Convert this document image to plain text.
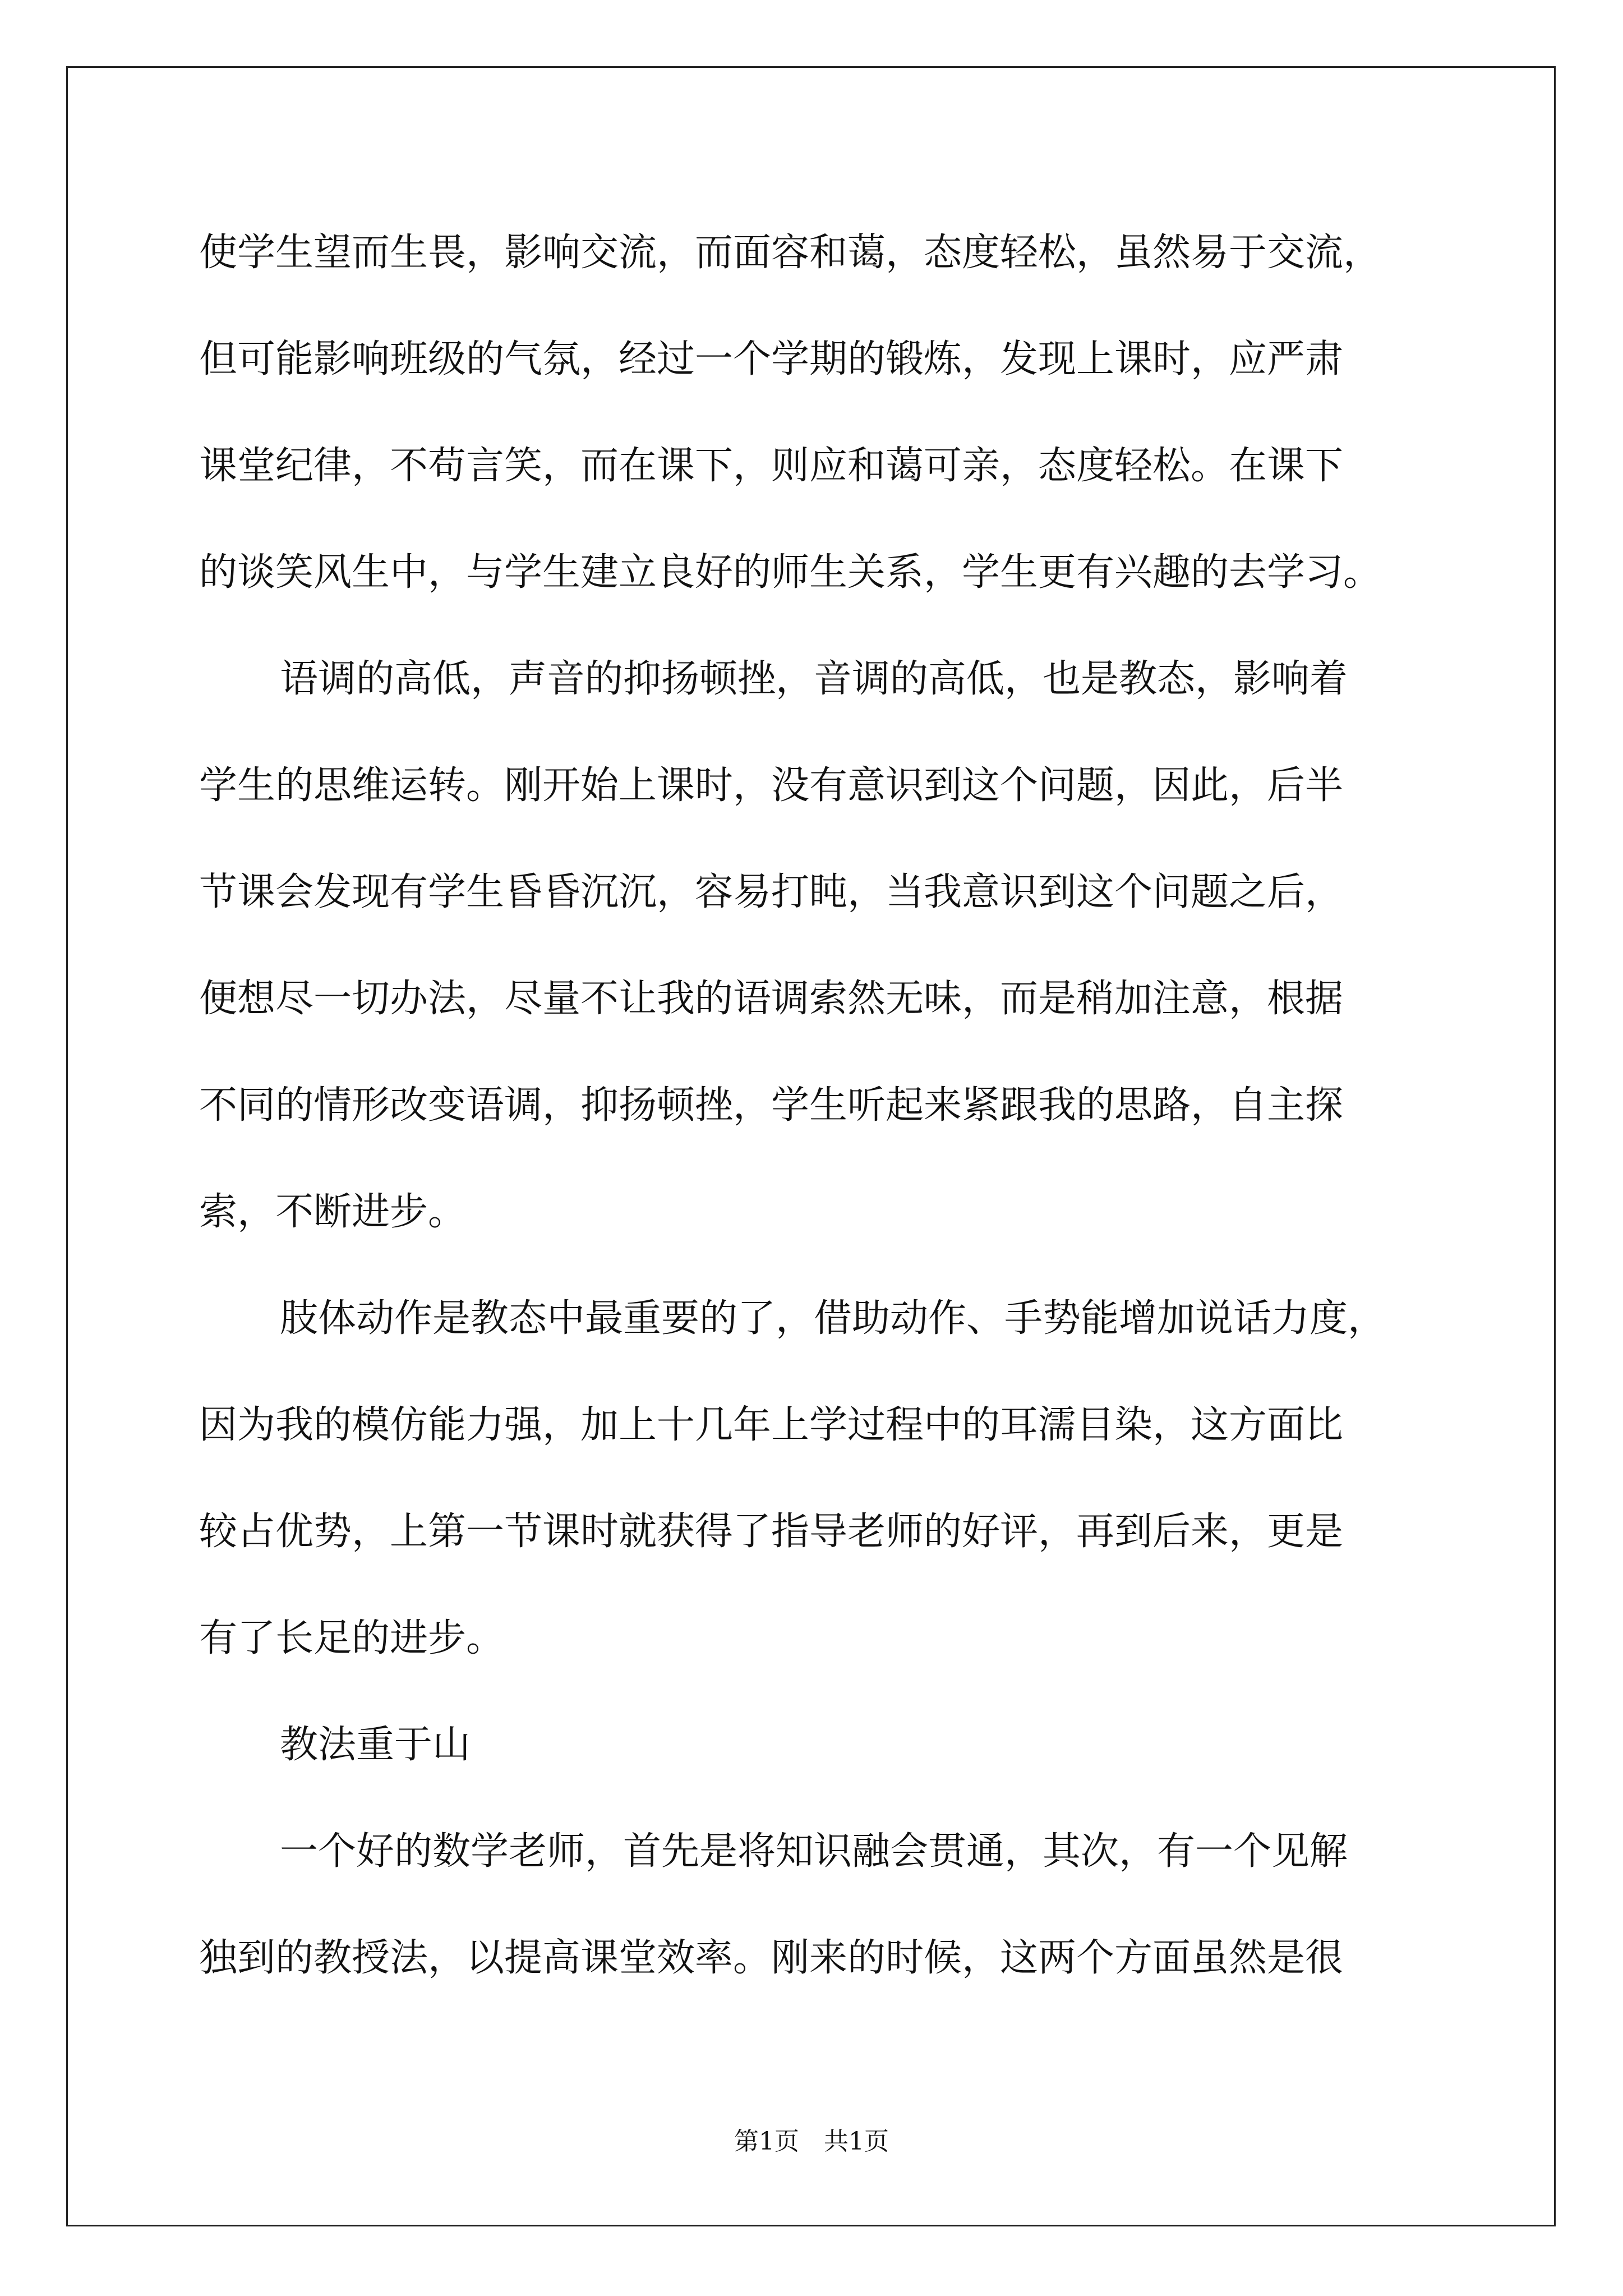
使学生望而生畏，影响交流，而面容和蔼，态度轻松，虽然易于交流，
但可能影响班级的气氛，经过一个学期的锻炼，发现上课时，应严肃
课堂纪律，不苟言笑，而在课下，则应和蔼可亲，态度轻松。在课下
的谈笑风生中，与学生建立良好的师生关系，学生更有兴趣的去学习。
语调的高低，声音的抑扬顿挫，音调的高低，也是教态，影响着
学生的思维运转。刚开始上课时，没有意识到这个问题，因此，后半
节课会发现有学生昏昏沉沉，容易打盹，当我意识到这个问题之后，
便想尽一切办法，尽量不让我的语调索然无味，而是稍加注意，根据
不同的情形改变语调，抑扬顿挫，学生听起来紧跟我的思路，自主探
索，不断进步。
肢体动作是教态中最重要的了，借助动作、手势能增加说话力度，
因为我的模仿能力强，加上十几年上学过程中的耳濡目染，这方面比
较占优势，上第一节课时就获得了指导老师的好评，再到后来，更是
有了长足的进步。
教法重于山
一个好的数学老师，首先是将知识融会贯通，其次，有一个见解
独到的教授法，以提高课堂效率。刚来的时候，这两个方面虽然是很
第1页　共1页
